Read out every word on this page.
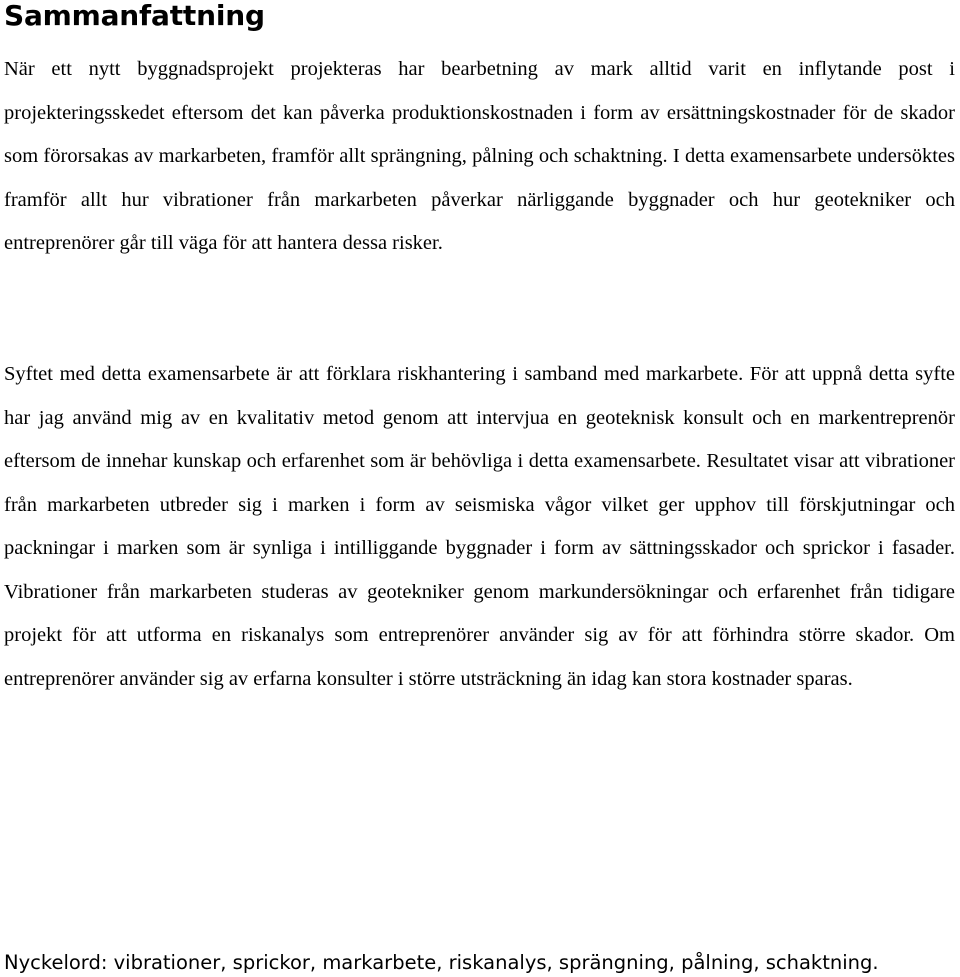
Sammanfattning

När ett nytt byggnadsprojekt projekteras har bearbetning av mark alltid varit en inflytande post i projekteringsskedet eftersom det kan påverka produktionskostnaden i form av ersättningskostnader för de skador som förorsakas av markarbeten, framför allt sprängning, pålning och schaktning. I detta examensarbete undersöktes framför allt hur vibrationer från markarbeten påverkar närliggande byggnader och hur geotekniker och entreprenörer går till väga för att hantera dessa risker.

Syftet med detta examensarbete är att förklara riskhantering i samband med markarbete. För att uppnå detta syfte har jag använd mig av en kvalitativ metod genom att intervjua en geoteknisk konsult och en markentreprenör eftersom de innehar kunskap och erfarenhet som är behövliga i detta examensarbete. Resultatet visar att vibrationer från markarbeten utbreder sig i marken i form av seismiska vågor vilket ger upphov till förskjutningar och packningar i marken som är synliga i intilliggande byggnader i form av sättningsskador och sprickor i fasader. Vibrationer från markarbeten studeras av geotekniker genom markundersökningar och erfarenhet från tidigare projekt för att utforma en riskanalys som entreprenörer använder sig av för att förhindra större skador. Om entreprenörer använder sig av erfarna konsulter i större utsträckning än idag kan stora kostnader sparas.

Nyckelord: vibrationer, sprickor, markarbete, riskanalys, sprängning, pålning, schaktning.
